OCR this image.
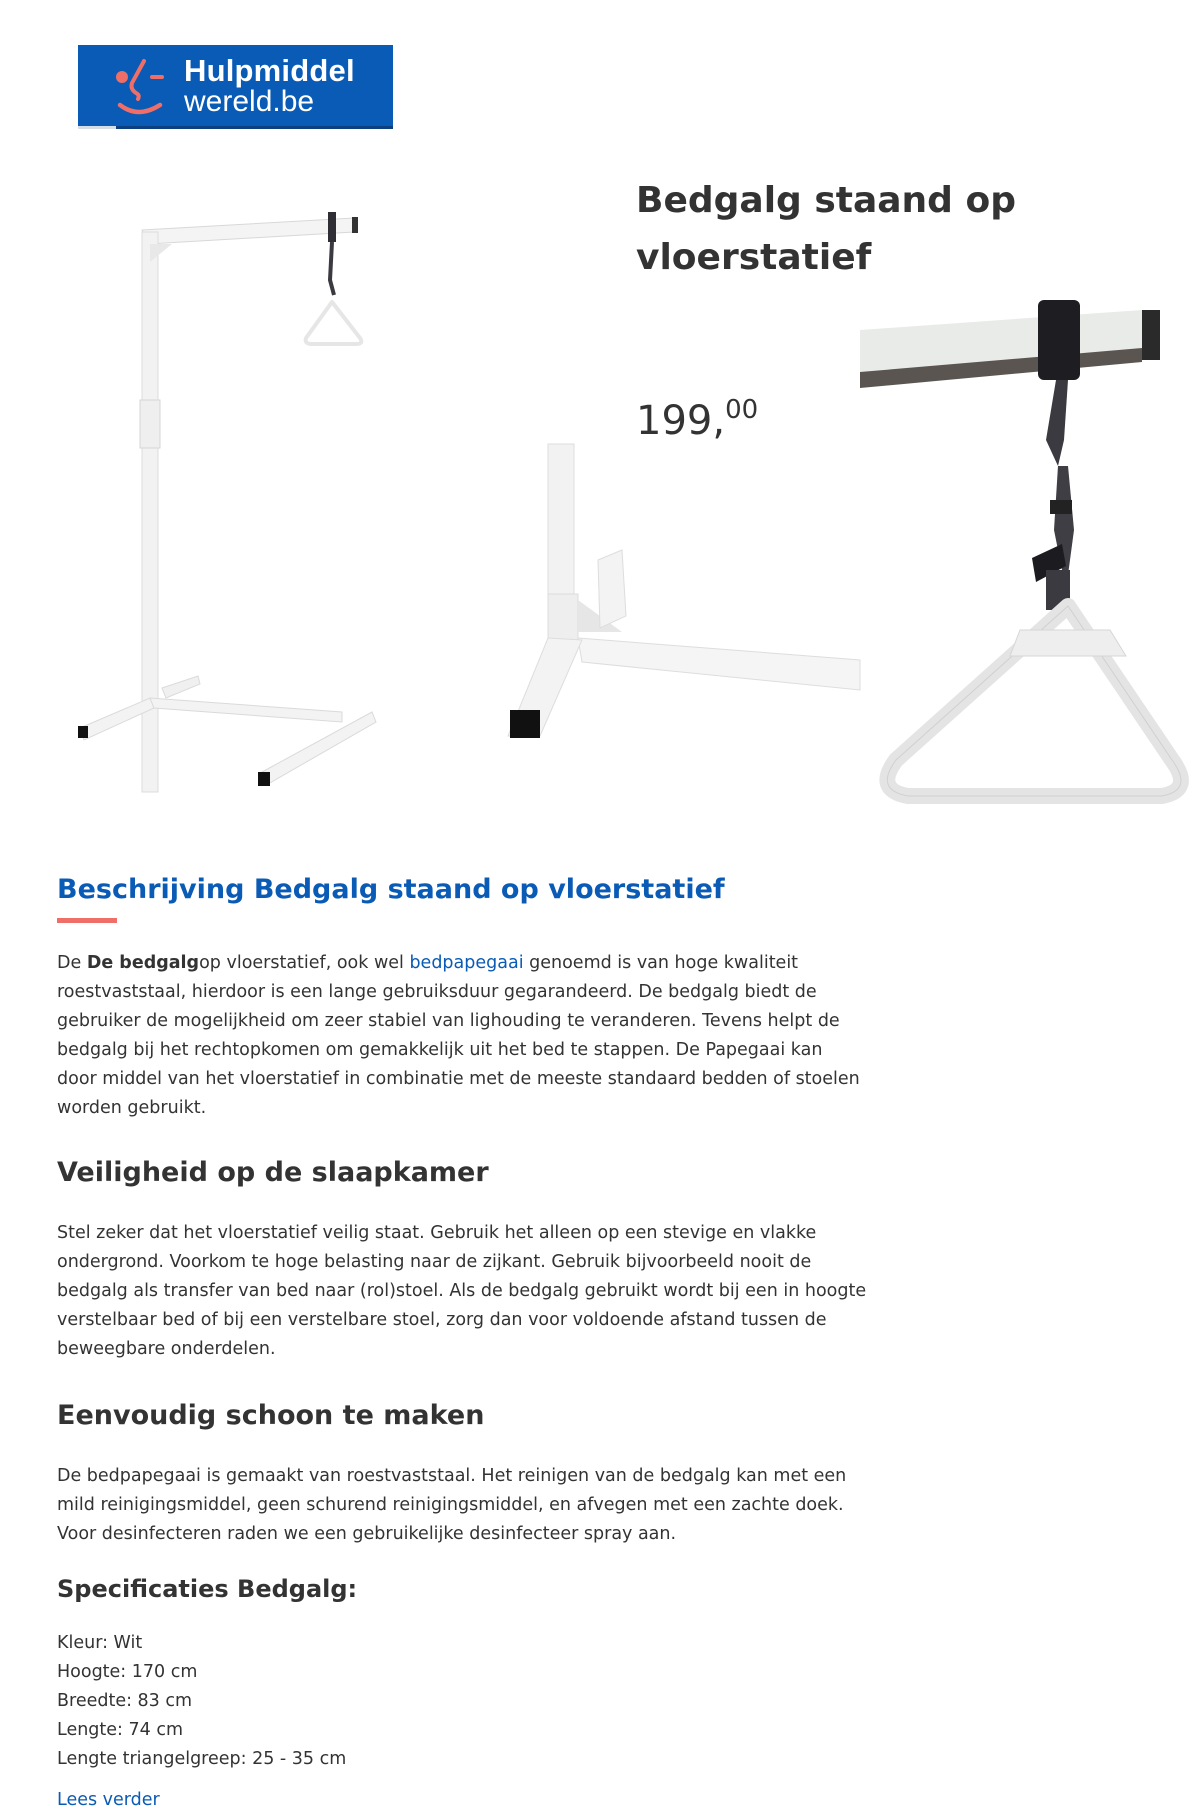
Hulpmiddel
wereld.be
Bedgalg staand op vloerstatief
199,00
Beschrijving Bedgalg staand op vloerstatief

De De bedgalgop vloerstatief, ook wel bedpapegaai genoemd is van hoge kwaliteit roestvaststaal, hierdoor is een lange gebruiksduur gegarandeerd. De bedgalg biedt de gebruiker de mogelijkheid om zeer stabiel van lighouding te veranderen. Tevens helpt de bedgalg bij het rechtopkomen om gemakkelijk uit het bed te stappen. De Papegaai kan door middel van het vloerstatief in combinatie met de meeste standaard bedden of stoelen worden gebruikt.

Veiligheid op de slaapkamer

Stel zeker dat het vloerstatief veilig staat. Gebruik het alleen op een stevige en vlakke ondergrond. Voorkom te hoge belasting naar de zijkant. Gebruik bijvoorbeeld nooit de bedgalg als transfer van bed naar (rol)stoel. Als de bedgalg gebruikt wordt bij een in hoogte verstelbaar bed of bij een verstelbare stoel, zorg dan voor voldoende afstand tussen de beweegbare onderdelen.

Eenvoudig schoon te maken

De bedpapegaai is gemaakt van roestvaststaal. Het reinigen van de bedgalg kan met een mild reinigingsmiddel, geen schurend reinigingsmiddel, en afvegen met een zachte doek. Voor desinfecteren raden we een gebruikelijke desinfecteer spray aan.

Specificaties Bedgalg:
Kleur: Wit
Hoogte: 170 cm
Breedte: 83 cm
Lengte: 74 cm
Lengte triangelgreep: 25 - 35 cm
Lees verder
